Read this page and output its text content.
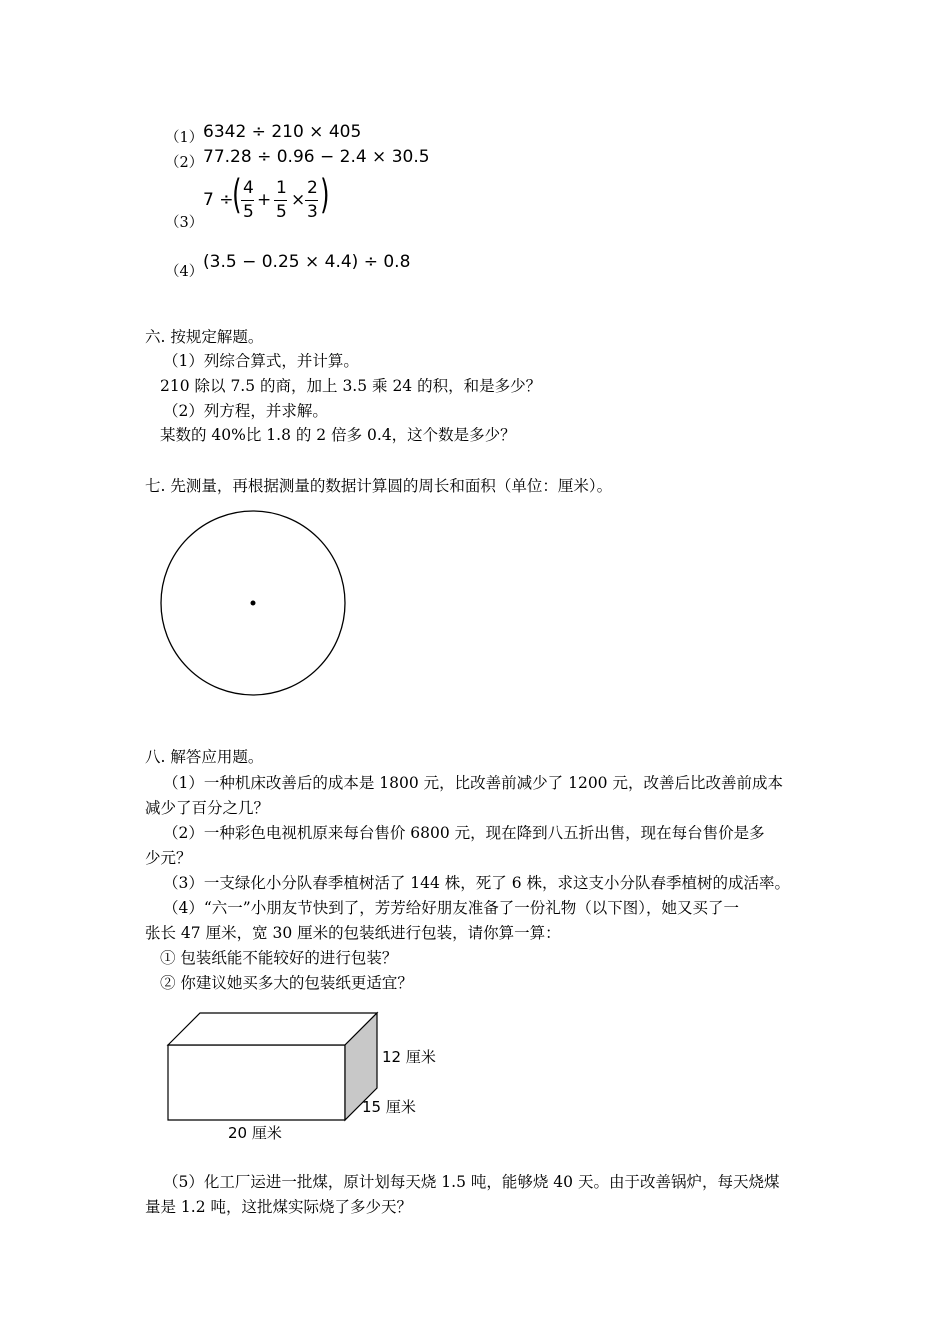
（1） 6342 ÷ 210 × 405
（2） 77.28 ÷ 0.96 − 2.4 × 30.5
7 ÷
( 4
5
+
1
5
×
2
3 )
（3）
（4） (3.5 − 0.25 × 4.4) ÷ 0.8
六. 按规定解题。
（1）列综合算式，并计算。
210 除以 7.5 的商，加上 3.5 乘 24 的积，和是多少？
（2）列方程，并求解。
某数的 40%比 1.8 的 2 倍多 0.4，这个数是多少？
七. 先测量，再根据测量的数据计算圆的周长和面积（单位：厘米）。
八. 解答应用题。
（1）一种机床改善后的成本是 1800 元，比改善前减少了 1200 元，改善后比改善前成本
减少了百分之几？
（2）一种彩色电视机原来每台售价 6800 元，现在降到八五折出售，现在每台售价是多
少元？
（3）一支绿化小分队春季植树活了 144 株，死了 6 株，求这支小分队春季植树的成活率。
（4）“六一”小朋友节快到了，芳芳给好朋友准备了一份礼物（以下图），她又买了一
张长 47 厘米，宽 30 厘米的包装纸进行包装，请你算一算：
① 包装纸能不能较好的进行包装？
② 你建议她买多大的包装纸更适宜？
12 厘米
15 厘米
20 厘米
（5）化工厂运进一批煤，原计划每天烧 1.5 吨，能够烧 40 天。由于改善锅炉，每天烧煤
量是 1.2 吨，这批煤实际烧了多少天？
